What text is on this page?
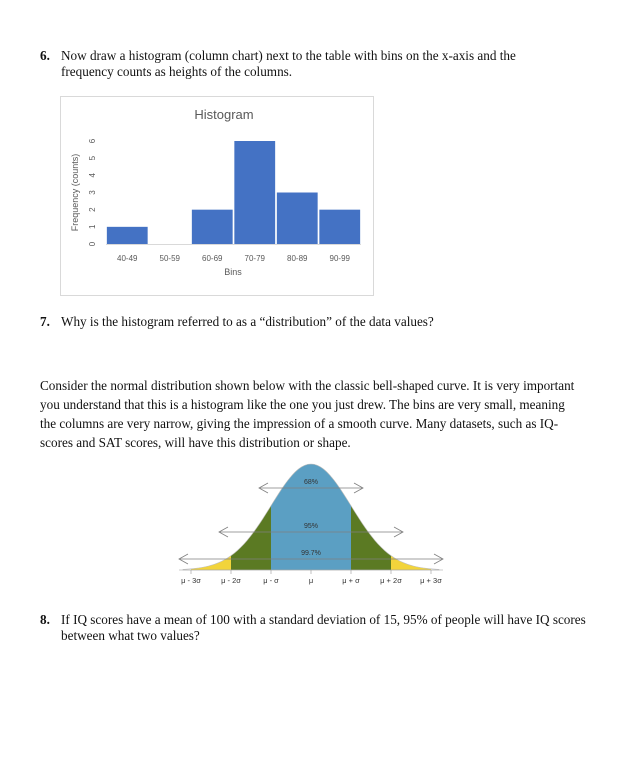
6. Now draw a histogram (column chart) next to the table with bins on the x-axis and the frequency counts as heights of the columns.
Histogram
Frequency (counts)
0
1
2
3
4
5
6
40-49	50-59	60-69	70-79	80-89	90-99
Bins
7. Why is the histogram referred to as a “distribution” of the data values?
Consider the normal distribution shown below with the classic bell-shaped curve. It is very important you understand that this is a histogram like the one you just drew. The bins are very small, meaning the columns are very narrow, giving the impression of a smooth curve. Many datasets, such as IQ-scores and SAT scores, will have this distribution or shape.
68%
95%
99.7%
μ - 3σ	μ - 2σ	μ - σ	μ	μ + σ	μ + 2σ μ + 3σ
8. If IQ scores have a mean of 100 with a standard deviation of 15, 95% of people will have IQ scores between what two values?
